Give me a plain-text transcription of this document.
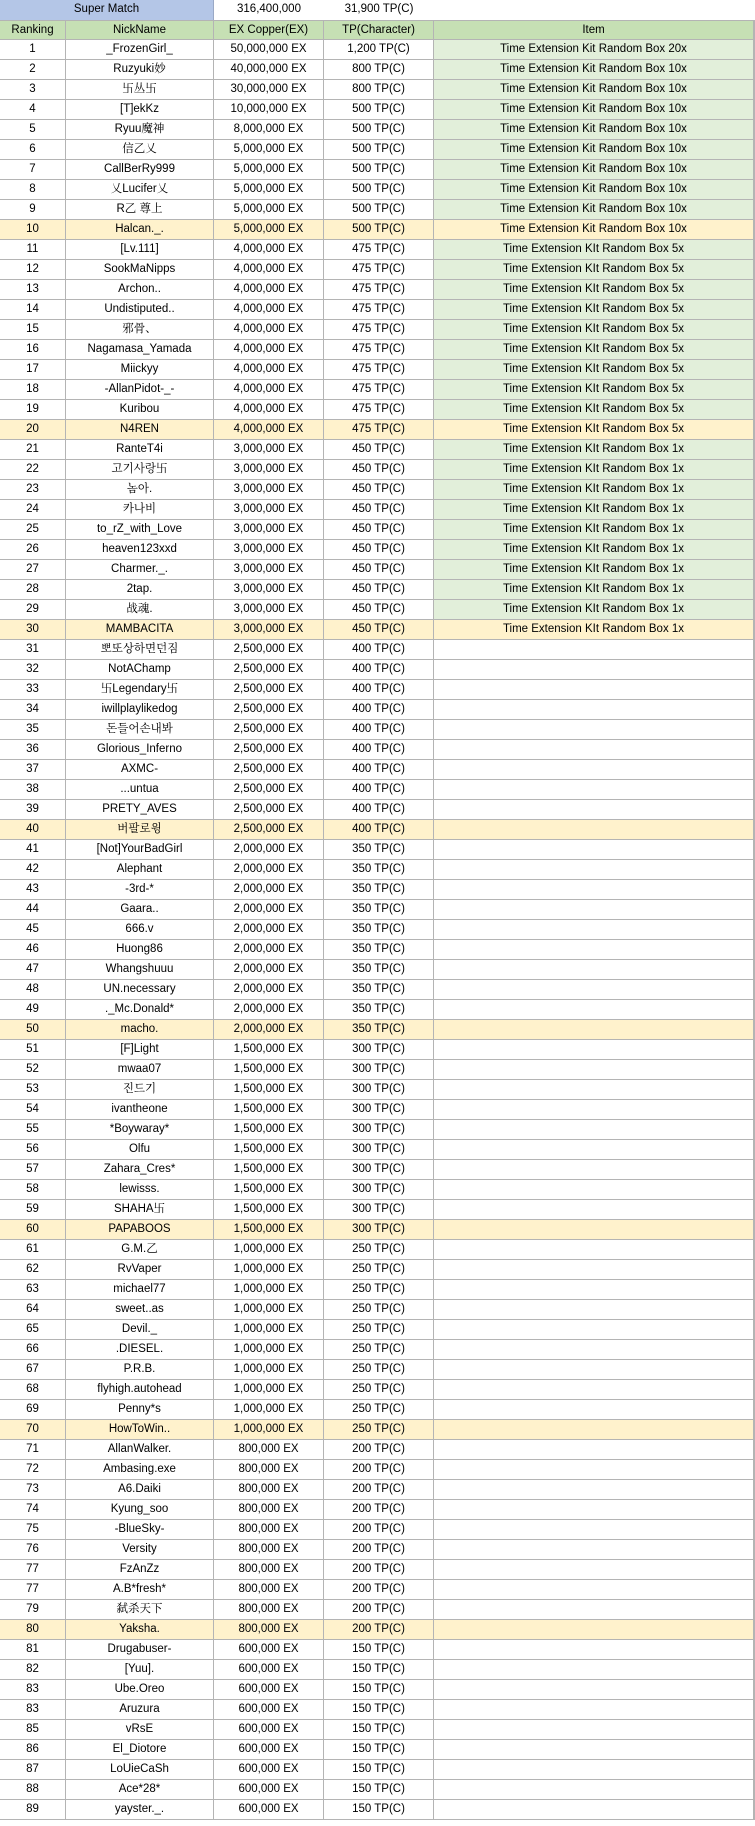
Super Match	316,400,000	31,900 TP(C)
Ranking	NickName	EX Copper(EX)	TP(Character)	Item
1	_FrozenGirl_	50,000,000 EX	1,200 TP(C)	Time Extension Kit Random Box 20x
2	Ruzyuki妙	40,000,000 EX	800 TP(C)	Time Extension Kit Random Box 10x
3	卐丛卐	30,000,000 EX	800 TP(C)	Time Extension Kit Random Box 10x
4	[T]ekKz	10,000,000 EX	500 TP(C)	Time Extension Kit Random Box 10x
5	Ryuu魔神	8,000,000 EX	500 TP(C)	Time Extension Kit Random Box 10x
6	信乙乂	5,000,000 EX	500 TP(C)	Time Extension Kit Random Box 10x
7	CallBerRy999	5,000,000 EX	500 TP(C)	Time Extension Kit Random Box 10x
8	乂Lucifer乂	5,000,000 EX	500 TP(C)	Time Extension Kit Random Box 10x
9	R乙 尊上	5,000,000 EX	500 TP(C)	Time Extension Kit Random Box 10x
10	Halcan._.	5,000,000 EX	500 TP(C)	Time Extension Kit Random Box 10x
11	[Lv.111]	4,000,000 EX	475 TP(C)	Time Extension KIt Random Box 5x
12	SookMaNipps	4,000,000 EX	475 TP(C)	Time Extension KIt Random Box 5x
13	Archon..	4,000,000 EX	475 TP(C)	Time Extension KIt Random Box 5x
14	Undistiputed..	4,000,000 EX	475 TP(C)	Time Extension KIt Random Box 5x
15	邪骨、	4,000,000 EX	475 TP(C)	Time Extension KIt Random Box 5x
16	Nagamasa_Yamada	4,000,000 EX	475 TP(C)	Time Extension KIt Random Box 5x
17	Miickyy	4,000,000 EX	475 TP(C)	Time Extension KIt Random Box 5x
18	-AllanPidot-_-	4,000,000 EX	475 TP(C)	Time Extension KIt Random Box 5x
19	Kuribou	4,000,000 EX	475 TP(C)	Time Extension KIt Random Box 5x
20	N4REN	4,000,000 EX	475 TP(C)	Time Extension KIt Random Box 5x
21	RanteT4i	3,000,000 EX	450 TP(C)	Time Extension KIt Random Box 1x
22	고기사랑卐	3,000,000 EX	450 TP(C)	Time Extension KIt Random Box 1x
23	놈아.	3,000,000 EX	450 TP(C)	Time Extension KIt Random Box 1x
24	카나비	3,000,000 EX	450 TP(C)	Time Extension KIt Random Box 1x
25	to_rZ_with_Love	3,000,000 EX	450 TP(C)	Time Extension KIt Random Box 1x
26	heaven123xxd	3,000,000 EX	450 TP(C)	Time Extension KIt Random Box 1x
27	Charmer._.	3,000,000 EX	450 TP(C)	Time Extension KIt Random Box 1x
28	2tap.	3,000,000 EX	450 TP(C)	Time Extension KIt Random Box 1x
29	战魂.	3,000,000 EX	450 TP(C)	Time Extension KIt Random Box 1x
30	MAMBACITA	3,000,000 EX	450 TP(C)	Time Extension KIt Random Box 1x
31	뽀또상하면던짐	2,500,000 EX	400 TP(C)
32	NotAChamp	2,500,000 EX	400 TP(C)
33	卐Legendary卐	2,500,000 EX	400 TP(C)
34	iwillplaylikedog	2,500,000 EX	400 TP(C)
35	돈들어손내봐	2,500,000 EX	400 TP(C)
36	Glorious_Inferno	2,500,000 EX	400 TP(C)
37	AXMC-	2,500,000 EX	400 TP(C)
38	...untua	2,500,000 EX	400 TP(C)
39	PRETY_AVES	2,500,000 EX	400 TP(C)
40	버팔로윙	2,500,000 EX	400 TP(C)
41	[Not]YourBadGirl	2,000,000 EX	350 TP(C)
42	Alephant	2,000,000 EX	350 TP(C)
43	-3rd-*	2,000,000 EX	350 TP(C)
44	Gaara..	2,000,000 EX	350 TP(C)
45	666.v	2,000,000 EX	350 TP(C)
46	Huong86	2,000,000 EX	350 TP(C)
47	Whangshuuu	2,000,000 EX	350 TP(C)
48	UN.necessary	2,000,000 EX	350 TP(C)
49	._Mc.Donald*	2,000,000 EX	350 TP(C)
50	macho.	2,000,000 EX	350 TP(C)
51	[F]Light	1,500,000 EX	300 TP(C)
52	mwaa07	1,500,000 EX	300 TP(C)
53	진드기	1,500,000 EX	300 TP(C)
54	ivantheone	1,500,000 EX	300 TP(C)
55	*Boywaray*	1,500,000 EX	300 TP(C)
56	Olfu	1,500,000 EX	300 TP(C)
57	Zahara_Cres*	1,500,000 EX	300 TP(C)
58	lewisss.	1,500,000 EX	300 TP(C)
59	SHAHA卐	1,500,000 EX	300 TP(C)
60	PAPABOOS	1,500,000 EX	300 TP(C)
61	G.M.乙	1,000,000 EX	250 TP(C)
62	RvVaper	1,000,000 EX	250 TP(C)
63	michael77	1,000,000 EX	250 TP(C)
64	sweet..as	1,000,000 EX	250 TP(C)
65	Devil._	1,000,000 EX	250 TP(C)
66	.DIESEL.	1,000,000 EX	250 TP(C)
67	P.R.B.	1,000,000 EX	250 TP(C)
68	flyhigh.autohead	1,000,000 EX	250 TP(C)
69	Penny*s	1,000,000 EX	250 TP(C)
70	HowToWin..	1,000,000 EX	250 TP(C)
71	AllanWalker.	800,000 EX	200 TP(C)
72	Ambasing.exe	800,000 EX	200 TP(C)
73	A6.Daiki	800,000 EX	200 TP(C)
74	Kyung_soo	800,000 EX	200 TP(C)
75	-BlueSky-	800,000 EX	200 TP(C)
76	Versity	800,000 EX	200 TP(C)
77	FzAnZz	800,000 EX	200 TP(C)
77	A.B*fresh*	800,000 EX	200 TP(C)
79	弑杀天下	800,000 EX	200 TP(C)
80	Yaksha.	800,000 EX	200 TP(C)
81	Drugabuser-	600,000 EX	150 TP(C)
82	[Yuu].	600,000 EX	150 TP(C)
83	Ube.Oreo	600,000 EX	150 TP(C)
83	Aruzura	600,000 EX	150 TP(C)
85	vRsE	600,000 EX	150 TP(C)
86	El_Diotore	600,000 EX	150 TP(C)
87	LoUieCaSh	600,000 EX	150 TP(C)
88	Ace*28*	600,000 EX	150 TP(C)
89	yayster._.	600,000 EX	150 TP(C)
